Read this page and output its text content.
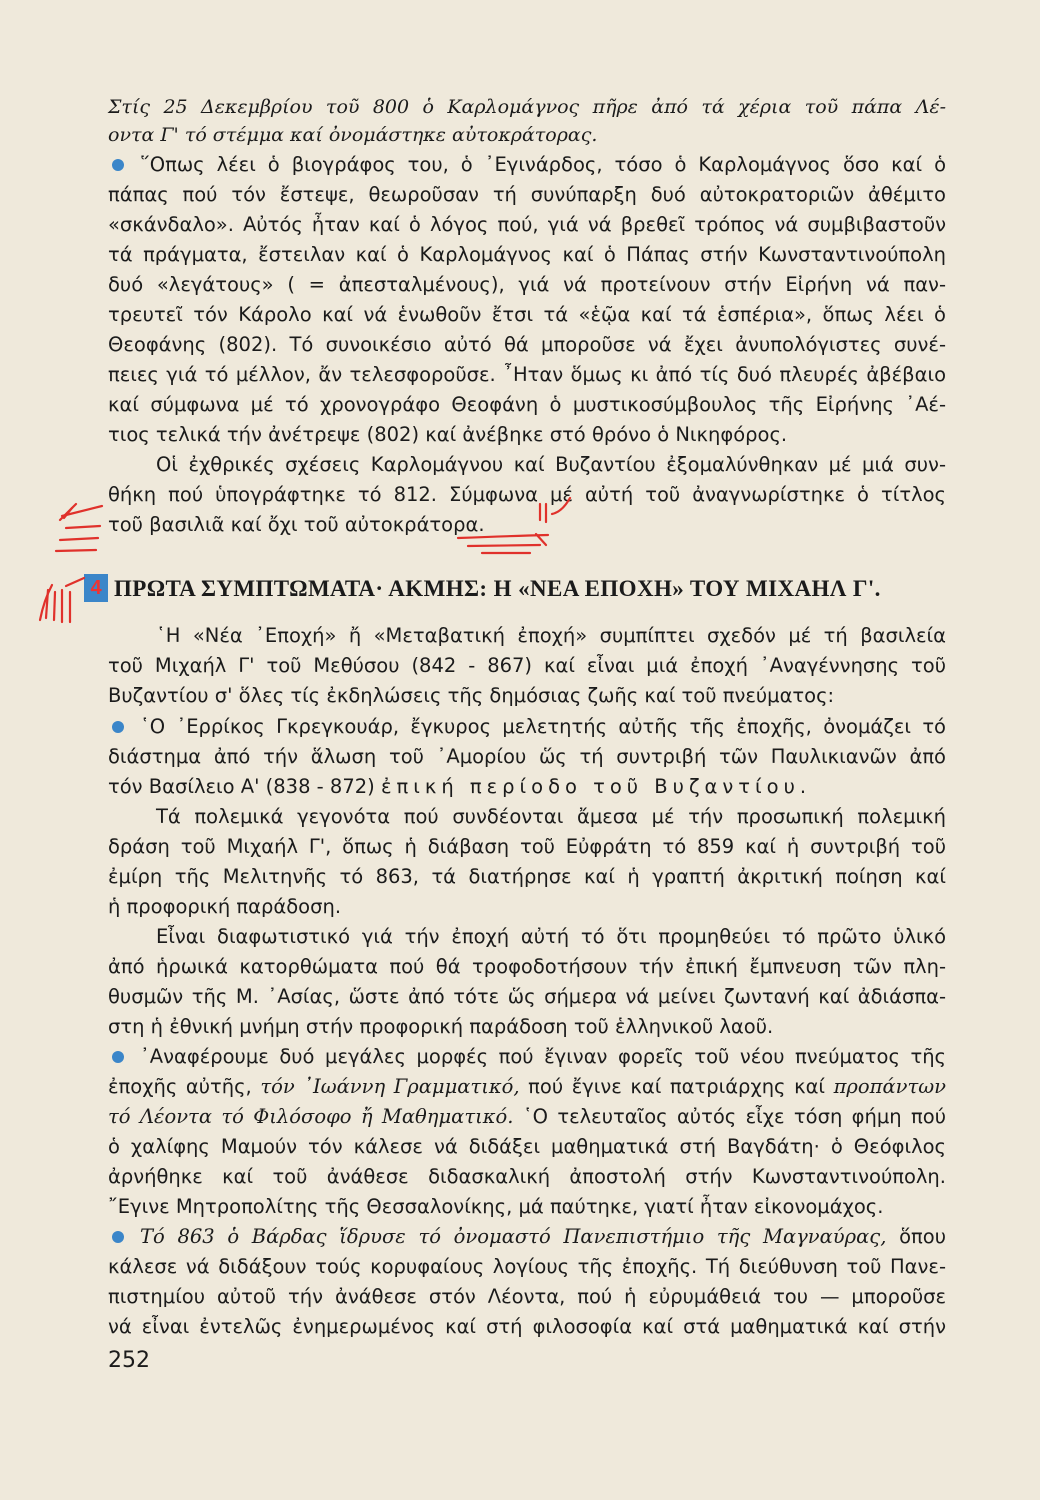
Στίς 25 Δεκεμβρίου τοῦ 800 ὁ Καρλομάγνος πῆρε ἀπό τά χέρια τοῦ πάπα Λέ-
οντα Γ' τό στέμμα καί ὀνομάστηκε αὐτοκράτορας.
῞Οπως λέει ὁ βιογράφος του, ὁ ᾿Εγινάρδος, τόσο ὁ Καρλομάγνος ὅσο καί ὁ
πάπας πού τόν ἔστεψε, θεωροῦσαν τή συνύπαρξη δυό αὐτοκρατοριῶν ἀθέμιτο
«σκάνδαλο». Αὐτός ἦταν καί ὁ λόγος πού, γιά νά βρεθεῖ τρόπος νά συμβιβαστοῦν
τά πράγματα, ἔστειλαν καί ὁ Καρλομάγνος καί ὁ Πάπας στήν Κωνσταντινούπολη
δυό «λεγάτους» ( = ἀπεσταλμένους), γιά νά προτείνουν στήν Εἰρήνη νά παν-
τρευτεῖ τόν Κάρολο καί νά ἑνωθοῦν ἔτσι τά «ἑῷα καί τά ἑσπέρια», ὅπως λέει ὁ
Θεοφάνης (802). Τό συνοικέσιο αὐτό θά μποροῦσε νά ἔχει ἀνυπολόγιστες συνέ-
πειες γιά τό μέλλον, ἄν τελεσφοροῦσε. ῏Ηταν ὅμως κι ἀπό τίς δυό πλευρές ἀβέβαιο
καί σύμφωνα μέ τό χρονογράφο Θεοφάνη ὁ μυστικοσύμβουλος τῆς Εἰρήνης ᾿Αέ-
τιος τελικά τήν ἀνέτρεψε (802) καί ἀνέβηκε στό θρόνο ὁ Νικηφόρος.
Οἱ ἐχθρικές σχέσεις Καρλομάγνου καί Βυζαντίου ἐξομαλύνθηκαν μέ μιά συν-
θήκη πού ὑπογράφτηκε τό 812. Σύμφωνα μέ αὐτή τοῦ ἀναγνωρίστηκε ὁ τίτλος
τοῦ βασιλιᾶ καί ὄχι τοῦ αὐτοκράτορα.
4 ΠΡΩΤΑ ΣΥΜΠΤΩΜΑΤΑ· ΑΚΜΗΣ: Η «ΝΕΑ ΕΠΟΧΗ» ΤΟΥ ΜΙΧΑΗΛ Γ'.
῾Η «Νέα ᾿Εποχή» ἤ «Μεταβατική ἐποχή» συμπίπτει σχεδόν μέ τή βασιλεία
τοῦ Μιχαήλ Γ' τοῦ Μεθύσου (842 - 867) καί εἶναι μιά ἐποχή ᾿Αναγέννησης τοῦ
Βυζαντίου σ' ὅλες τίς ἐκδηλώσεις τῆς δημόσιας ζωῆς καί τοῦ πνεύματος:
῾Ο ᾿Ερρίκος Γκρεγκουάρ, ἔγκυρος μελετητής αὐτῆς τῆς ἐποχῆς, ὀνομάζει τό
διάστημα ἀπό τήν ἅλωση τοῦ ᾿Αμορίου ὥς τή συντριβή τῶν Παυλικιανῶν ἀπό
τόν Βασίλειο Α' (838 - 872) ἐπική περίοδο τοῦ Βυζαντίου.
Τά πολεμικά γεγονότα πού συνδέονται ἄμεσα μέ τήν προσωπική πολεμική
δράση τοῦ Μιχαήλ Γ', ὅπως ἡ διάβαση τοῦ Εὐφράτη τό 859 καί ἡ συντριβή τοῦ
ἐμίρη τῆς Μελιτηνῆς τό 863, τά διατήρησε καί ἡ γραπτή ἀκριτική ποίηση καί
ἡ προφορική παράδοση.
Εἶναι διαφωτιστικό γιά τήν ἐποχή αὐτή τό ὅτι προμηθεύει τό πρῶτο ὑλικό
ἀπό ἡρωικά κατορθώματα πού θά τροφοδοτήσουν τήν ἐπική ἔμπνευση τῶν πλη-
θυσμῶν τῆς Μ. ᾿Ασίας, ὥστε ἀπό τότε ὥς σήμερα νά μείνει ζωντανή καί ἀδιάσπα-
στη ἡ ἐθνική μνήμη στήν προφορική παράδοση τοῦ ἑλληνικοῦ λαοῦ.
᾿Αναφέρουμε δυό μεγάλες μορφές πού ἔγιναν φορεῖς τοῦ νέου πνεύματος τῆς
ἐποχῆς αὐτῆς, τόν ᾿Ιωάννη Γραμματικό, πού ἔγινε καί πατριάρχης καί προπάντων
τό Λέοντα τό Φιλόσοφο ἤ Μαθηματικό. ῾Ο τελευταῖος αὐτός εἶχε τόση φήμη πού
ὁ χαλίφης Μαμούν τόν κάλεσε νά διδάξει μαθηματικά στή Βαγδάτη· ὁ Θεόφιλος
ἀρνήθηκε καί τοῦ ἀνάθεσε διδασκαλική ἀποστολή στήν Κωνσταντινούπολη.
῎Εγινε Μητροπολίτης τῆς Θεσσαλονίκης, μά παύτηκε, γιατί ἦταν εἰκονομάχος.
Τό 863 ὁ Βάρδας ἵδρυσε τό ὀνομαστό Πανεπιστήμιο τῆς Μαγναύρας, ὅπου
κάλεσε νά διδάξουν τούς κορυφαίους λογίους τῆς ἐποχῆς. Τή διεύθυνση τοῦ Πανε-
πιστημίου αὐτοῦ τήν ἀνάθεσε στόν Λέοντα, πού ἡ εὐρυμάθειά του — μποροῦσε
νά εἶναι ἐντελῶς ἐνημερωμένος καί στή φιλοσοφία καί στά μαθηματικά καί στήν
252
